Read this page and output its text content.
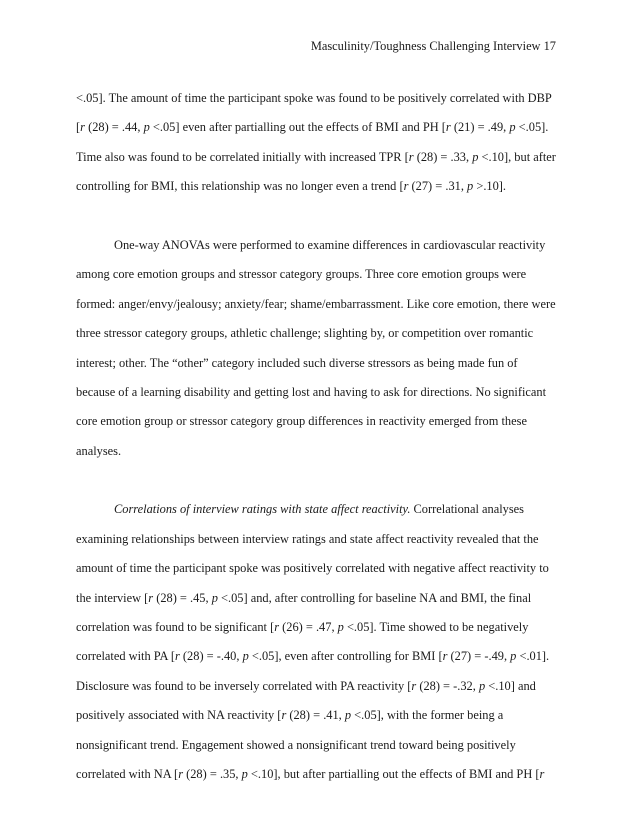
Masculinity/Toughness Challenging Interview 17
<.05]. The amount of time the participant spoke was found to be positively correlated with DBP
[r (28) = .44, p <.05] even after partialling out the effects of BMI and PH [r (21) = .49, p <.05].
Time also was found to be correlated initially with increased TPR [r (28) = .33, p <.10], but after
controlling for BMI, this relationship was no longer even a trend [r (27) = .31, p >.10].
One-way ANOVAs were performed to examine differences in cardiovascular reactivity
among core emotion groups and stressor category groups. Three core emotion groups were
formed: anger/envy/jealousy; anxiety/fear; shame/embarrassment. Like core emotion, there were
three stressor category groups, athletic challenge; slighting by, or competition over romantic
interest; other. The “other” category included such diverse stressors as being made fun of
because of a learning disability and getting lost and having to ask for directions. No significant
core emotion group or stressor category group differences in reactivity emerged from these
analyses.
Correlations of interview ratings with state affect reactivity. Correlational analyses
examining relationships between interview ratings and state affect reactivity revealed that the
amount of time the participant spoke was positively correlated with negative affect reactivity to
the interview [r (28) = .45, p <.05] and, after controlling for baseline NA and BMI, the final
correlation was found to be significant [r (26) = .47, p <.05]. Time showed to be negatively
correlated with PA [r (28) = -.40, p <.05], even after controlling for BMI [r (27) = -.49, p <.01].
Disclosure was found to be inversely correlated with PA reactivity [r (28) = -.32, p <.10] and
positively associated with NA reactivity [r (28) = .41, p <.05], with the former being a
nonsignificant trend. Engagement showed a nonsignificant trend toward being positively
correlated with NA [r (28) = .35, p <.10], but after partialling out the effects of BMI and PH [r
